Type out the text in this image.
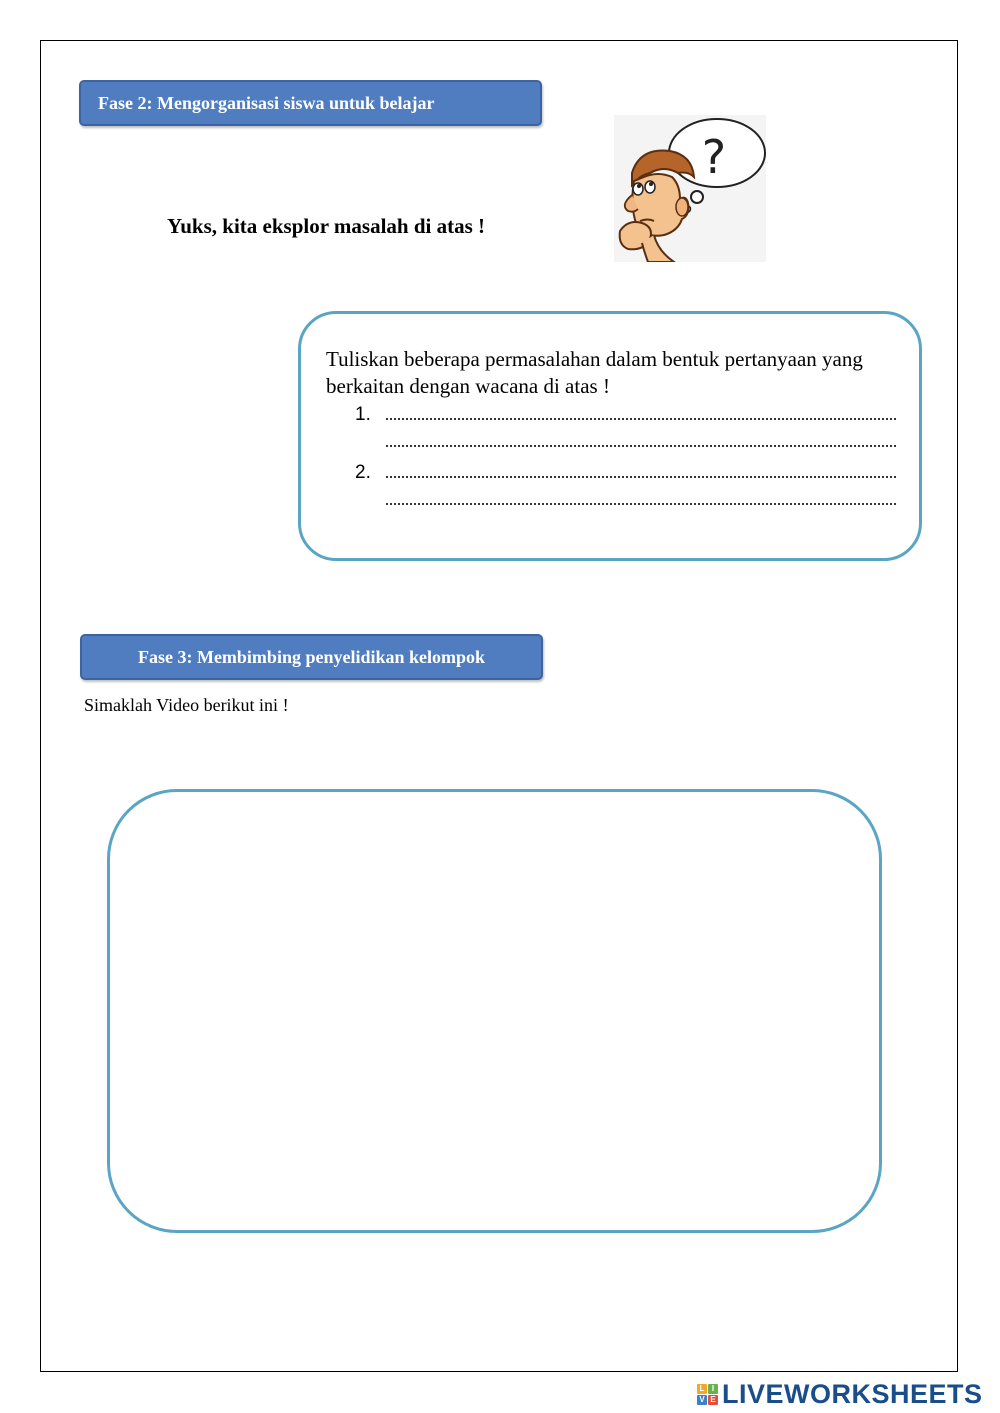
Fase 2: Mengorganisasi siswa untuk belajar
Yuks, kita eksplor masalah di atas !
?
Tuliskan beberapa permasalahan dalam bentuk pertanyaan yang berkaitan dengan wacana di atas !
1.
2.
Fase 3: Membimbing penyelidikan kelompok
Simaklah Video berikut ini !
L I
V E LIVEWORKSHEETS
